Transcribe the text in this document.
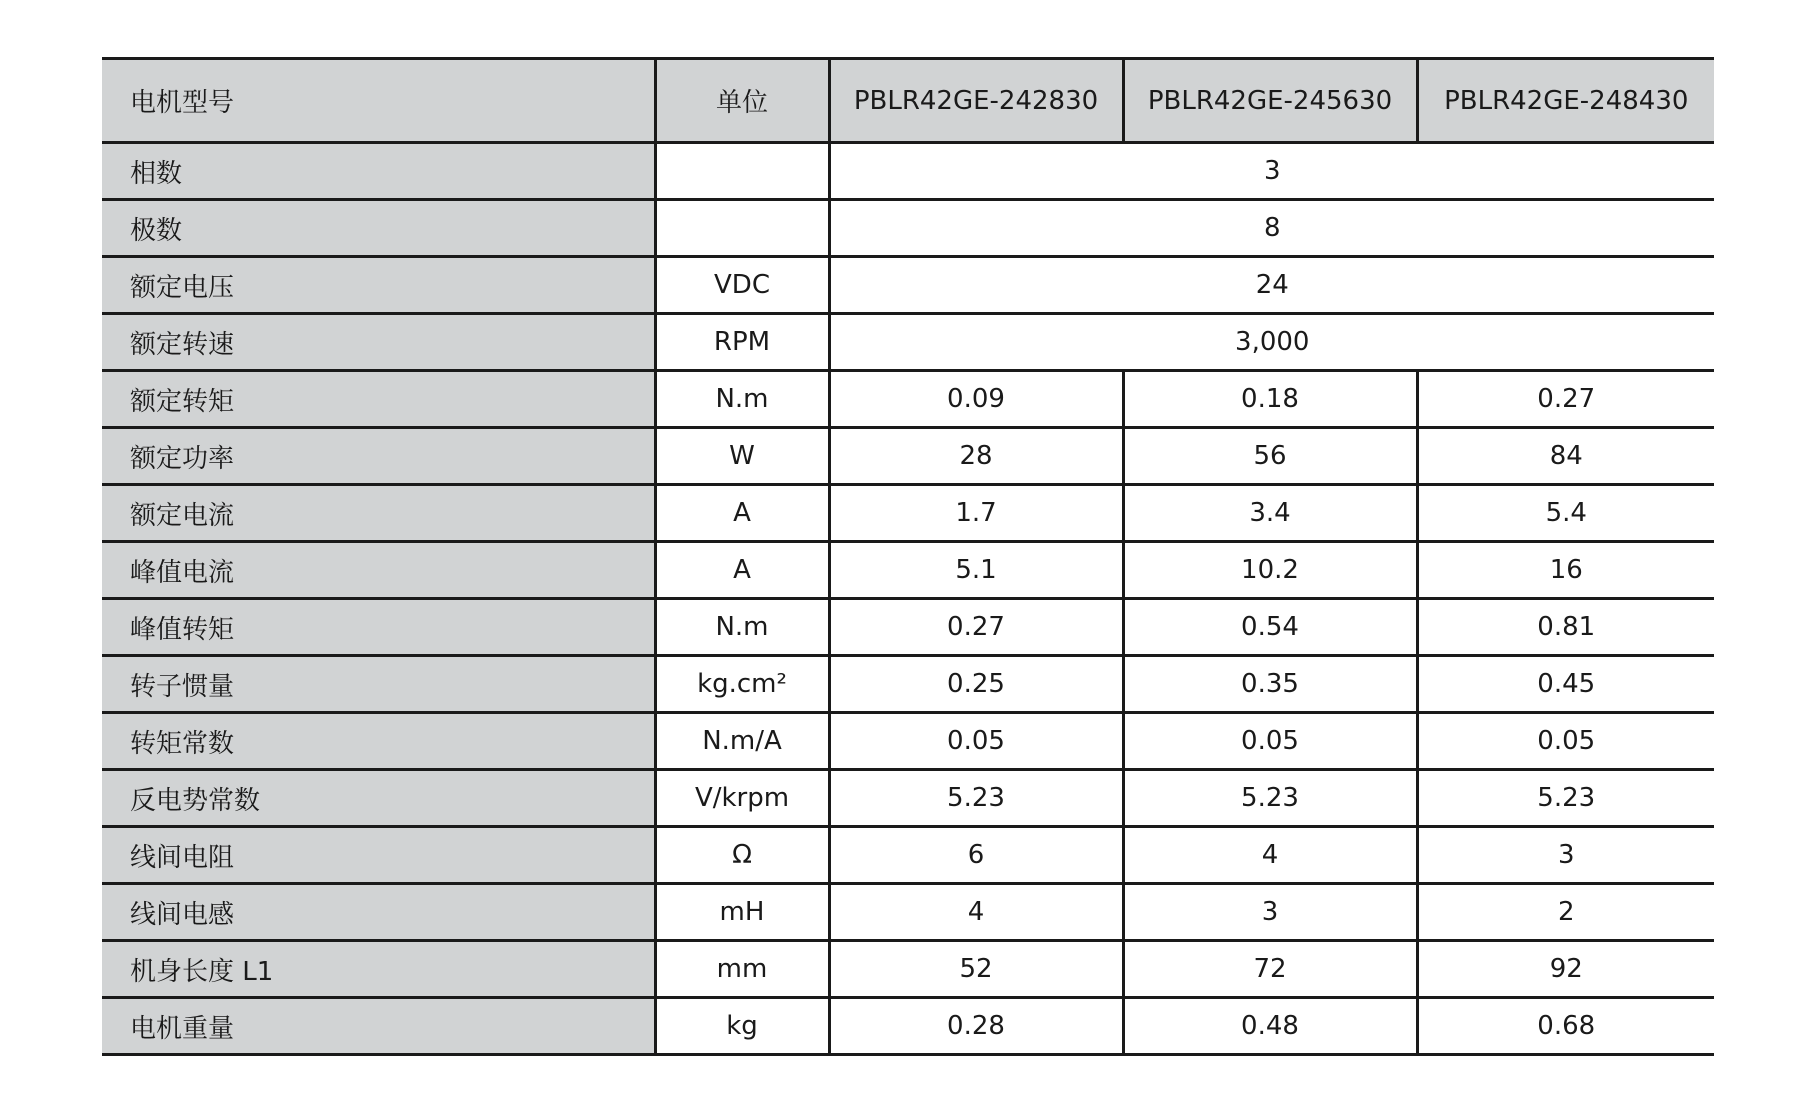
电机型号	单位	PBLR42GE-242830	PBLR42GE-245630	PBLR42GE-248430
相数		3		
极数		8		
额定电压	VDC	24		
额定转速	RPM	3,000		
额定转矩	N.m	0.09	0.18	0.27
额定功率	W	28	56	84
额定电流	A	1.7	3.4	5.4
峰值电流	A	5.1	10.2	16
峰值转矩	N.m	0.27	0.54	0.81
转子惯量	kg.cm²	0.25	0.35	0.45
转矩常数	N.m/A	0.05	0.05	0.05
反电势常数	V/krpm	5.23	5.23	5.23
线间电阻	Ω	6	4	3
线间电感	mH	4	3	2
机身长度 L1	mm	52	72	92
电机重量	kg	0.28	0.48	0.68
